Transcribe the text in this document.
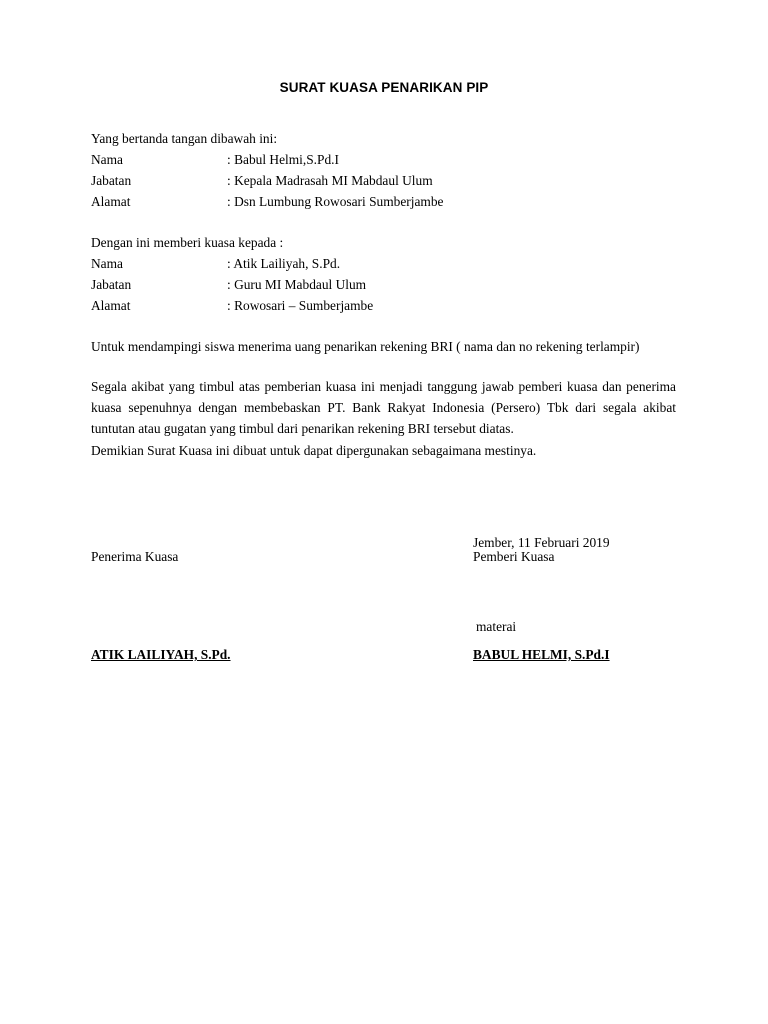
SURAT KUASA PENARIKAN PIP
Yang bertanda tangan dibawah ini:
Nama	: Babul Helmi,S.Pd.I
Jabatan	: Kepala Madrasah MI Mabdaul Ulum
Alamat	: Dsn Lumbung Rowosari Sumberjambe
Dengan ini memberi kuasa kepada :
Nama	: Atik Lailiyah, S.Pd.
Jabatan	: Guru MI Mabdaul Ulum
Alamat	: Rowosari – Sumberjambe
Untuk mendampingi siswa menerima uang penarikan rekening BRI ( nama dan no rekening terlampir)
Segala akibat yang timbul atas pemberian kuasa ini menjadi tanggung jawab pemberi kuasa dan penerima kuasa sepenuhnya dengan membebaskan PT. Bank Rakyat Indonesia (Persero) Tbk dari segala akibat tuntutan atau gugatan yang timbul dari penarikan rekening BRI tersebut diatas.
Demikian Surat Kuasa ini dibuat untuk dapat dipergunakan sebagaimana mestinya.
Jember, 11 Februari 2019
Penerima Kuasa	Pemberi Kuasa
materai
ATIK LAILIYAH, S.Pd.	BABUL HELMI, S.Pd.I
